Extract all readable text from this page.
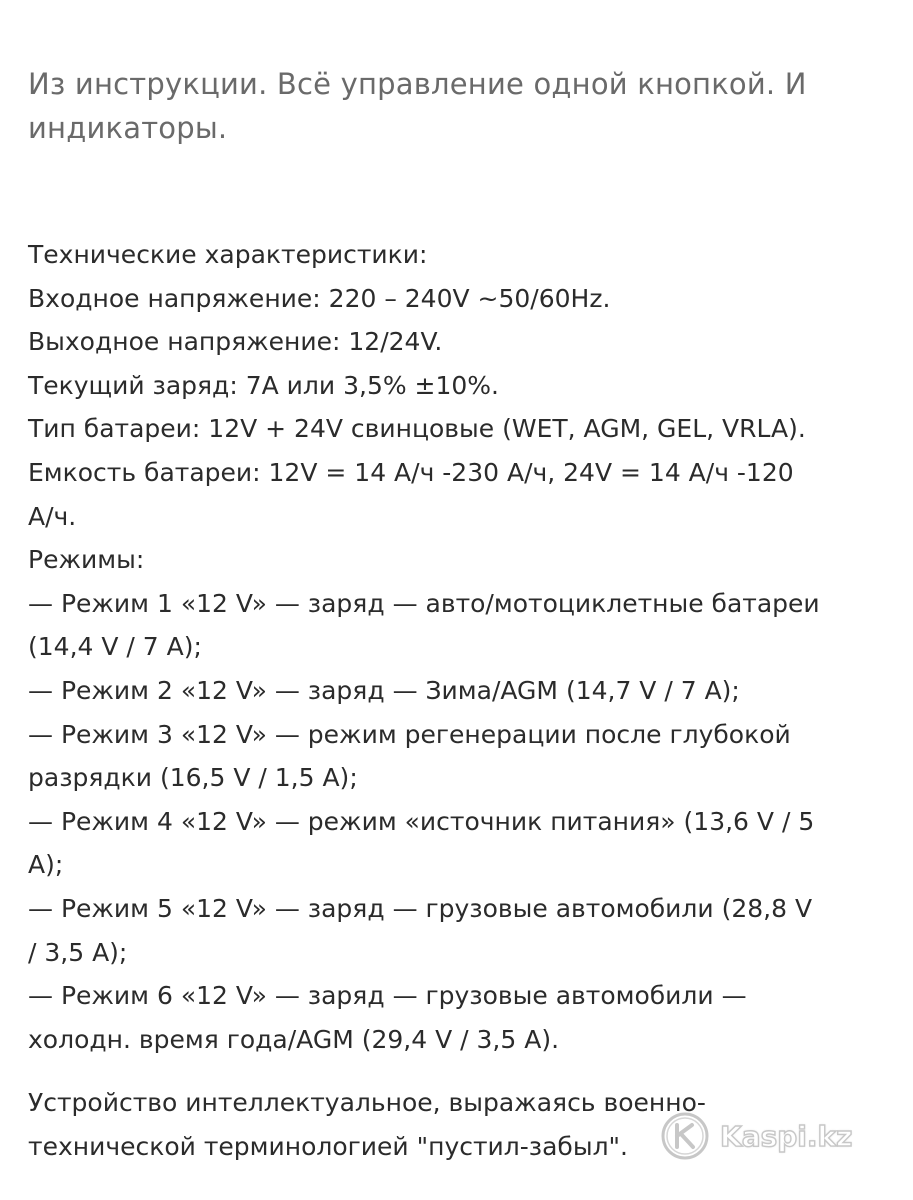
Из инструкции. Всё управление одной кнопкой. И
индикаторы.
Технические характеристики:
Входное напряжение: 220 – 240V ~50/60Hz.
Выходное напряжение: 12/24V.
Текущий заряд: 7А или 3,5% ±10%.
Тип батареи: 12V + 24V свинцовые (WET, AGM, GEL, VRLA).
Емкость батареи: 12V = 14 А/ч -230 А/ч, 24V = 14 А/ч -120
А/ч.
Режимы:
— Режим 1 «12 V» — заряд — авто/мотоциклетные батареи
(14,4 V / 7 A);
— Режим 2 «12 V» — заряд — Зима/AGM (14,7 V / 7 A);
— Режим 3 «12 V» — режим регенерации после глубокой
разрядки (16,5 V / 1,5 A);
— Режим 4 «12 V» — режим «источник питания» (13,6 V / 5
A);
— Режим 5 «12 V» — заряд — грузовые автомобили (28,8 V
/ 3,5 A);
— Режим 6 «12 V» — заряд — грузовые автомобили —
холодн. время года/AGM (29,4 V / 3,5 A).
Устройство интеллектуальное, выражаясь военно-
технической терминологией "пустил-забыл".	Kaspi.kz
